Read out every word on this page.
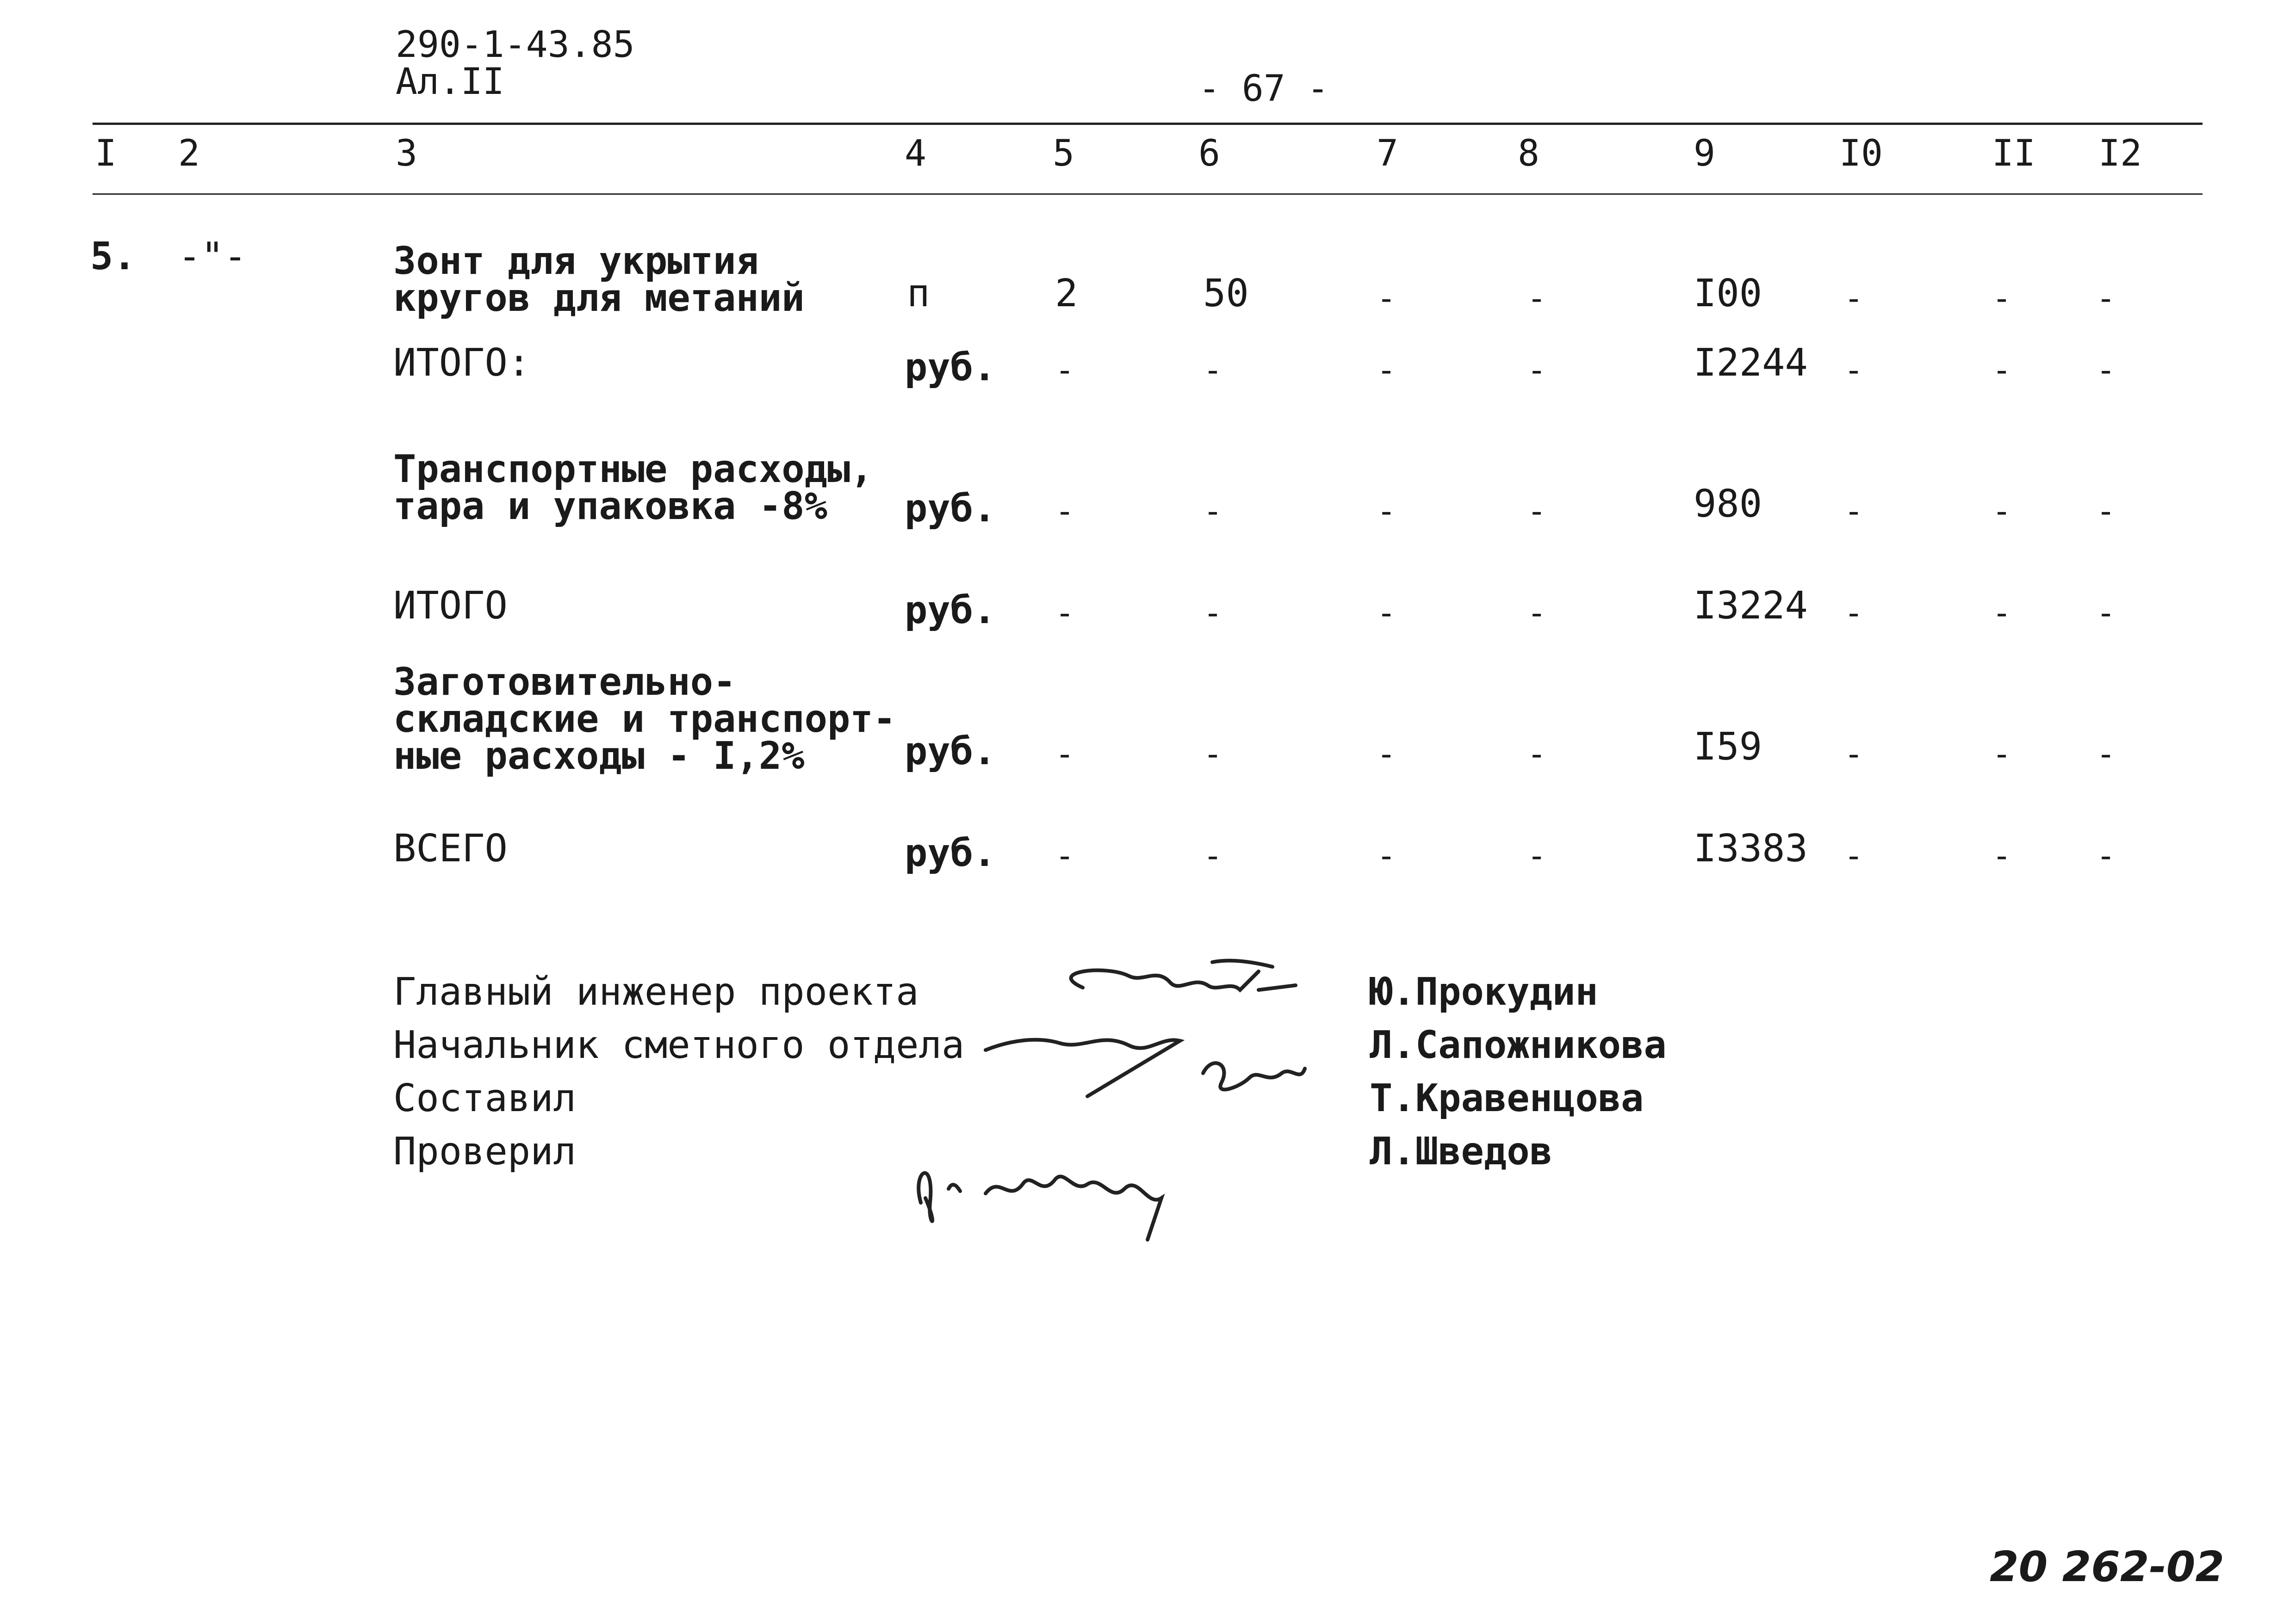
290-1-43.85
Ал.II	- 67 -
I 2	3	4	5	6	7	8	9	I0	II I2
5. -"-	Зонт для укрытия
кругов для метаний	п	2	50	-	-	I00	-	-	-
ИТОГО:	руб. -	-	-	-	I2244 -	-	-
Транспортные расходы,
тара и упаковка -8%	руб. -	-	-	-	980	-	-	-
ИТОГО	руб. -	-	-	-	I3224 -	-	-
Заготовительно-
складские и транспорт-
ные расходы - I,2%	руб. -	-	-	-	I59	-	-	-
ВСЕГО	руб. -	-	-	-	I3383 -	-	-
Главный инженер проекта
Начальник сметного отдела
Составил
Проверил
Ю.Прокудин
Л.Сапожникова
Т.Кравенцова
Л.Шведов
20 262-02
